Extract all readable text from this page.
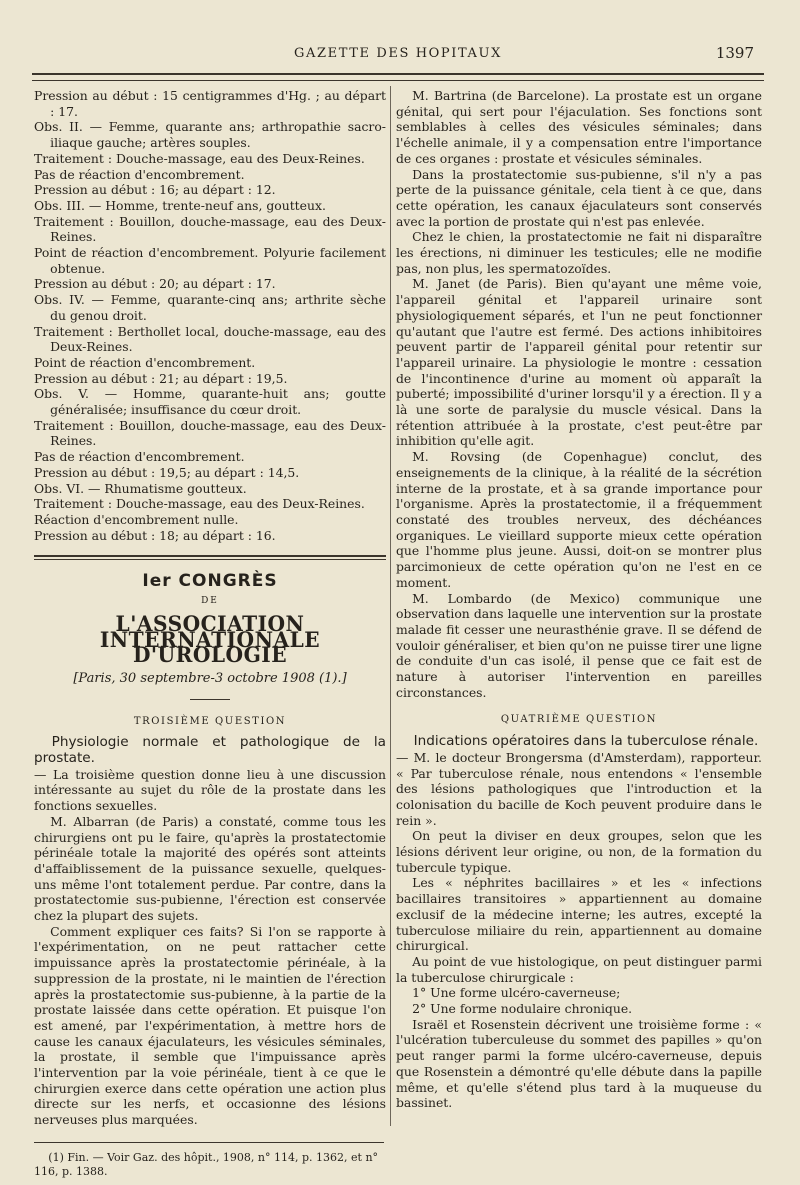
GAZETTE DES HOPITAUX	1397

Pression au début : 15 centigrammes d'Hg. ; au départ : 17.

Obs. II. — Femme, quarante ans; arthropathie sacro-iliaque gauche; artères souples.

Traitement : Douche-massage, eau des Deux-Reines.

Pas de réaction d'encombrement.

Pression au début : 16; au départ : 12.

Obs. III. — Homme, trente-neuf ans, goutteux.

Traitement : Bouillon, douche-massage, eau des Deux-Reines.

Point de réaction d'encombrement. Polyurie facilement obtenue.

Pression au début : 20; au départ : 17.

Obs. IV. — Femme, quarante-cinq ans; arthrite sèche du genou droit.

Traitement : Berthollet local, douche-massage, eau des Deux-Reines.

Point de réaction d'encombrement.

Pression au début : 21; au départ : 19,5.

Obs. V. — Homme, quarante-huit ans; goutte généralisée; insuffisance du cœur droit.

Traitement : Bouillon, douche-massage, eau des Deux-Reines.

Pas de réaction d'encombrement.

Pression au début : 19,5; au départ : 14,5.

Obs. VI. — Rhumatisme goutteux.

Traitement : Douche-massage, eau des Deux-Reines.

Réaction d'encombrement nulle.

Pression au début : 18; au départ : 16.

Ier CONGRÈS
DE
L'ASSOCIATION INTERNATIONALE D'UROLOGIE
[Paris, 30 septembre-3 octobre 1908 (1).]
TROISIÈME QUESTION

Physiologie normale et pathologique de la prostate.

— La troisième question donne lieu à une discussion intéressante au sujet du rôle de la prostate dans les fonctions sexuelles.

M. Albarran (de Paris) a constaté, comme tous les chirurgiens ont pu le faire, qu'après la prostatectomie périnéale totale la majorité des opérés sont atteints d'affaiblissement de la puissance sexuelle, quelques-uns même l'ont totalement perdue. Par contre, dans la prostatectomie sus-pubienne, l'érection est conservée chez la plupart des sujets.

Comment expliquer ces faits? Si l'on se rapporte à l'expérimentation, on ne peut rattacher cette impuissance après la prostatectomie périnéale, à la suppression de la prostate, ni le maintien de l'érection après la prostatectomie sus-pubienne, à la partie de la prostate laissée dans cette opération. Et puisque l'on est amené, par l'expérimentation, à mettre hors de cause les canaux éjaculateurs, les vésicules séminales, la prostate, il semble que l'impuissance après l'intervention par la voie périnéale, tient à ce que le chirurgien exerce dans cette opération une action plus directe sur les nerfs, et occasionne des lésions nerveuses plus marquées.

(1) Fin. — Voir Gaz. des hôpit., 1908, n° 114, p. 1362, et n° 116, p. 1388.

M. Bartrina (de Barcelone). La prostate est un organe génital, qui sert pour l'éjaculation. Ses fonctions sont semblables à celles des vésicules séminales; dans l'échelle animale, il y a compensation entre l'importance de ces organes : prostate et vésicules séminales.

Dans la prostatectomie sus-pubienne, s'il n'y a pas perte de la puissance génitale, cela tient à ce que, dans cette opération, les canaux éjaculateurs sont conservés avec la portion de prostate qui n'est pas enlevée.

Chez le chien, la prostatectomie ne fait ni disparaître les érections, ni diminuer les testicules; elle ne modifie pas, non plus, les spermatozoïdes.

M. Janet (de Paris). Bien qu'ayant une même voie, l'appareil génital et l'appareil urinaire sont physiologiquement séparés, et l'un ne peut fonctionner qu'autant que l'autre est fermé. Des actions inhibitoires peuvent partir de l'appareil génital pour retentir sur l'appareil urinaire. La physiologie le montre : cessation de l'incontinence d'urine au moment où apparaît la puberté; impossibilité d'uriner lorsqu'il y a érection. Il y a là une sorte de paralysie du muscle vésical. Dans la rétention attribuée à la prostate, c'est peut-être par inhibition qu'elle agit.

M. Rovsing (de Copenhague) conclut, des enseignements de la clinique, à la réalité de la sécrétion interne de la prostate, et à sa grande importance pour l'organisme. Après la prostatectomie, il a fréquemment constaté des troubles nerveux, des déchéances organiques. Le vieillard supporte mieux cette opération que l'homme plus jeune. Aussi, doit-on se montrer plus parcimonieux de cette opération qu'on ne l'est en ce moment.

M. Lombardo (de Mexico) communique une observation dans laquelle une intervention sur la prostate malade fit cesser une neurasthénie grave. Il se défend de vouloir généraliser, et bien qu'on ne puisse tirer une ligne de conduite d'un cas isolé, il pense que ce fait est de nature à autoriser l'intervention en pareilles circonstances.

QUATRIÈME QUESTION

Indications opératoires dans la tuberculose rénale.

— M. le docteur Brongersma (d'Amsterdam), rapporteur. « Par tuberculose rénale, nous entendons « l'ensemble des lésions pathologiques que l'introduction et la colonisation du bacille de Koch peuvent produire dans le rein ».

On peut la diviser en deux groupes, selon que les lésions dérivent leur origine, ou non, de la formation du tubercule typique.

Les « néphrites bacillaires » et les « infections bacillaires transitoires » appartiennent au domaine exclusif de la médecine interne; les autres, excepté la tuberculose miliaire du rein, appartiennent au domaine chirurgical.

Au point de vue histologique, on peut distinguer parmi la tuberculose chirurgicale :

1° Une forme ulcéro-caverneuse;

2° Une forme nodulaire chronique.

Israël et Rosenstein décrivent une troisième forme : « l'ulcération tuberculeuse du sommet des papilles » qu'on peut ranger parmi la forme ulcéro-caverneuse, depuis que Rosenstein a démontré qu'elle débute dans la papille même, et qu'elle s'étend plus tard à la muqueuse du bassinet.
